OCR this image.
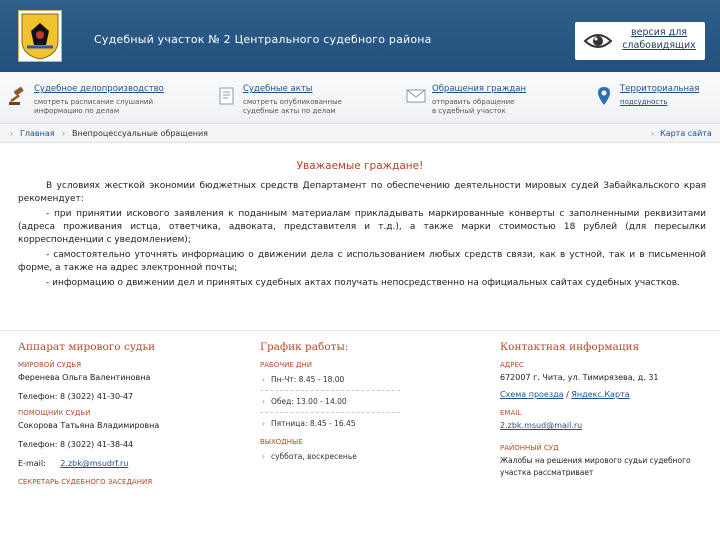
Судебный участок № 2 Центрального судебного района
версия для
слабовидящих
Судебное делопроизводство
смотреть расписание слушаний
информацию по делам
Судебные акты
смотреть опубликованные
судебные акты по делам
Обращения граждан
отправить обращение
в судебный участок
Территориальная
подсудность
› Главная › Внепроцессуальные обращения	› Карта сайта
Уважаемые граждане!

В условиях жесткой экономии бюджетных средств Департамент по обеспечению деятельности мировых судей Забайкальского края рекомендует:

- при принятии искового заявления к поданным материалам прикладывать маркированные конверты с заполненными реквизитами (адреса проживания истца, ответчика, адвоката, представителя и т.д.), а также марки стоимостью 18 рублей (для пересылки корреспонденции с уведомлением);

- самостоятельно уточнять информацию о движении дела с использованием любых средств связи, как в устной, так и в письменной форме, а также на адрес электронной почты;

- информацию о движении дел и принятых судебных актах получать непосредственно на официальных сайтах судебных участков.

Аппарат мирового судьи
МИРОВОЙ СУДЬЯ
Ференева Ольга Валентиновна
Телефон: 8 (3022) 41-30-47
ПОМОЩНИК СУДЬИ
Сокорова Татьяна Владимировна
Телефон: 8 (3022) 41-38-44
E-mail: 2.zbk@msudrf.ru
СЕКРЕТАРЬ СУДЕБНОГО ЗАСЕДАНИЯ
График работы:
РАБОЧИЕ ДНИ
› Пн-Чт: 8.45 - 18.00
› Обед: 13.00 - 14.00
› Пятница: 8.45 - 16.45
ВЫХОДНЫЕ
› суббота, воскресенье
Контактная информация
АДРЕС
672007 г. Чита, ул. Тимирязева, д. 31
Схема проезда / Яндекс.Карта
EMAIL
2.zbk.msud@mail.ru
РАЙОННЫЙ СУД
Жалобы на решения мирового судьи судебного
участка рассматривает
